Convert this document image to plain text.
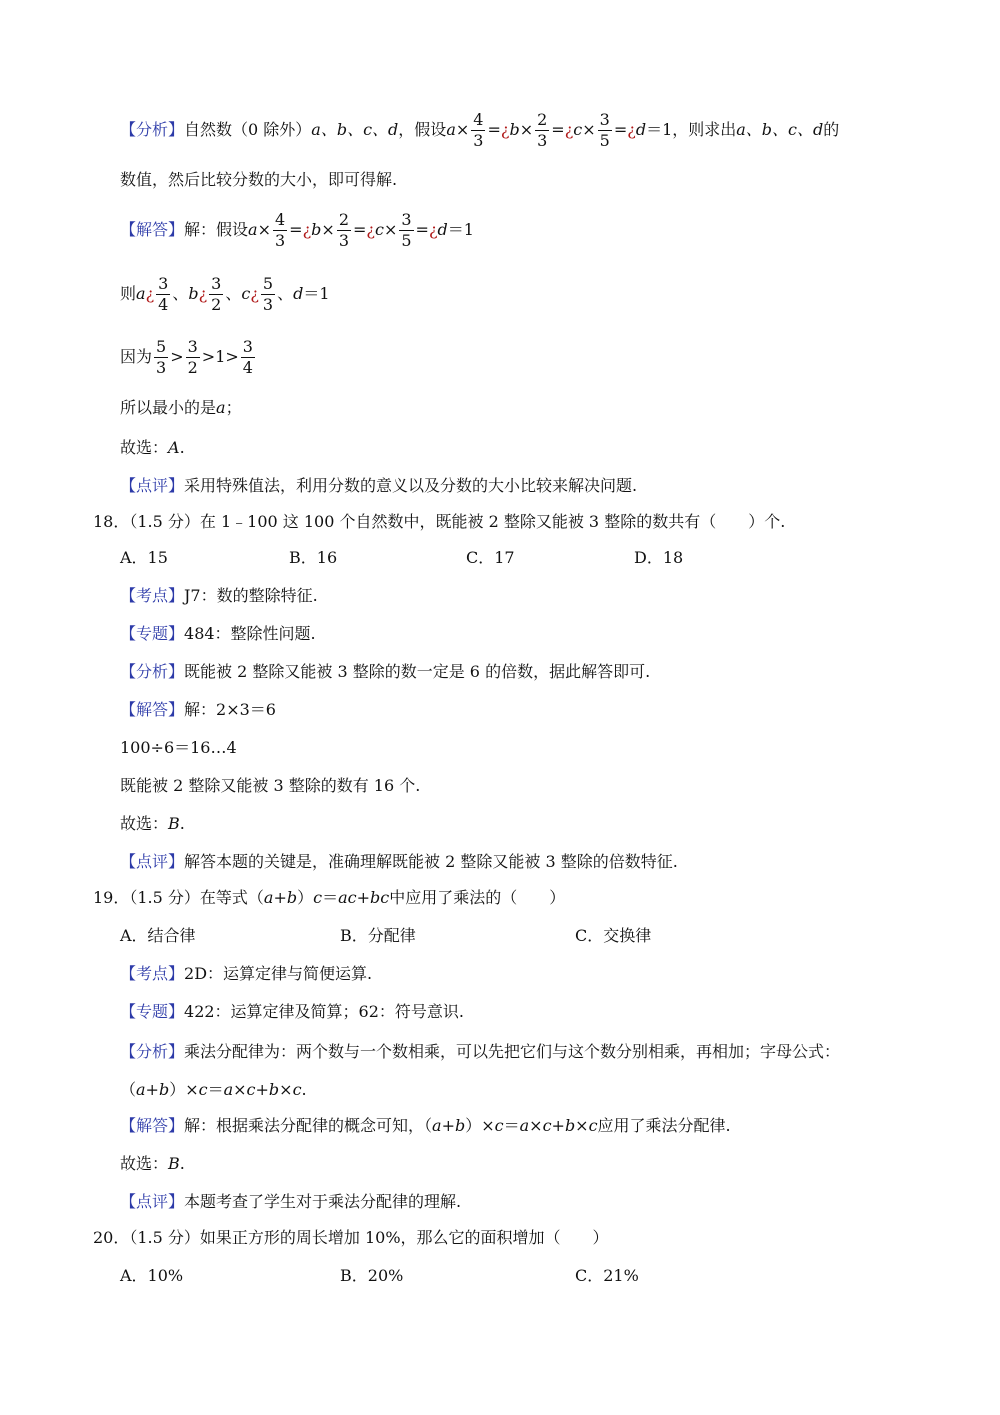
【分析】 自然数（0 除外） a、b、c、d ，假设 $a \times \frac{4}{3}$ = ¿ $b \times \frac{2}{3}$ = ¿ $c \times \frac{3}{5}$ = ¿ d ＝1，则求出 a、b、c、d 的
数值，然后比较分数的大小，即可得解.
【解答】 解：假设 $a \times \frac{4}{3}$ = ¿ $b \times \frac{2}{3}$ = ¿ $c \times \frac{3}{5}$ = ¿ d ＝1
则 a ¿ $\frac{3}{4}$ 、 b ¿ $\frac{3}{2}$ 、 c ¿ $\frac{5}{3}$ 、 d ＝1
因为 $\frac{5}{3} > \frac{3}{2} > 1 > \frac{3}{4}$
所以最小的是 a ；
故选： A .
【点评】 采用特殊值法，利用分数的意义以及分数的大小比较来解决问题.
18．（1.5 分）在 1﹣100 这 100 个自然数中，既能被 2 整除又能被 3 整除的数共有（　　）个.
A．15	B．16	C．17	D．18
【考点】 J7：数的整除特征.
【专题】 484：整除性问题.
【分析】 既能被 2 整除又能被 3 整除的数一定是 6 的倍数，据此解答即可.
【解答】 解：2×3＝6
100÷6＝16…4
既能被 2 整除又能被 3 整除的数有 16 个.
故选： B .
【点评】 解答本题的关键是，准确理解既能被 2 整除又能被 3 整除的倍数特征.
19．（1.5 分）在等式（ a+b ） c ＝ ac+bc 中应用了乘法的（　　）
A．结合律	B．分配律	C．交换律
【考点】 2D：运算定律与简便运算.
【专题】 422：运算定律及简算；62：符号意识.
【分析】 乘法分配律为：两个数与一个数相乘，可以先把它们与这个数分别相乘，再相加；字母公式：
（ a+b ）× c ＝ a×c+b×c .
【解答】 解：根据乘法分配律的概念可知，（ a+b ）× c ＝ a×c+b×c 应用了乘法分配律.
故选： B .
【点评】 本题考查了学生对于乘法分配律的理解.
20．（1.5 分）如果正方形的周长增加 10%，那么它的面积增加（　　）
A．10%	B．20%	C．21%
